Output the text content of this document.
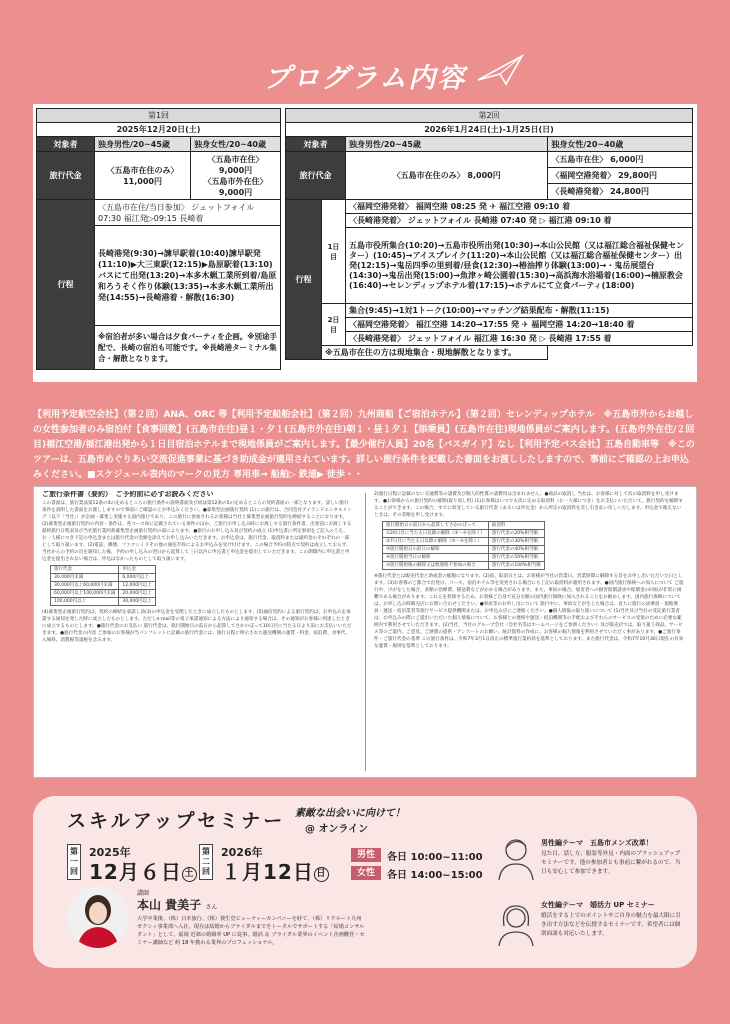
プログラム内容
第1回		
2025年12月20日(土)		
対象者	独身男性/20~45歳	独身女性/20~40歳
旅行代金	〈五島市在住のみ〉 11,000円	〈五島市在住〉 9,000円
〈五島市外在住〉 9,000円

行程	〈五島市在住/当日参加〉 ジェットフォイル 07:30 福江発▷09:15 長崎着	
	長崎港発(9:30)→諫早駅着(10:40)諫早駅発(11:10)▶大三東駅(12:15)▶島原駅着(13:10)バスにて出発(13:20)→本多木蝋工業所到着/島原和ろうそく作り体験(13:35)→本多木蝋工業所出発(14:55)→長崎港着・解散(16:30)	
	※宿泊者が多い場合は夕食パーティを企画。※別途手配で、長崎の宿泊も可能です。※長崎港ターミナル集合・解散となります。	
第2回			
2026年1月24日(土)-1月25日(日)			
対象者		独身男性/20~45歳	独身女性/20~40歳
旅行代金		〈五島市在住のみ〉 8,000円	〈五島市在住〉 6,000円
			〈福岡空港発着〉 29,800円
			〈長崎港発着〉 24,800円
行程	1日目	〈福岡空港発着〉 福岡空港 08:25 発 ✈ 福江空港 09:10 着	
		〈長崎港発着〉 ジェットフォイル 長崎港 07:40 発 ▷ 福江港 09:10 着	
		五島市役所集合(10:20)→五島市役所出発(10:30)→本山公民館（又は福江総合福祉保健センター）(10:45)→アイスブレイク(11:20)→本山公民館（又は福江総合福祉保健センター）出発(12:15)→鬼岳四季の里到着/昼食(12:30)→椿油搾り体験(13:00)→・鬼岳展望台(14:30)→鬼岳出発(15:00)→魚津ヶ崎公園着(15:30)→高浜海水浴場着(16:00)→楠原教会(16:40)→セレンディップホテル着(17:15)→ホテルにて立食パーティ(18:00)	
	2日目	集合(9:45)→1対1トーク(10:00)→マッチング結果配布・解散(11:15)	
		〈福岡空港発着〉 福江空港 14:20→17:55 発 ✈ 福岡空港 14:20→18:40 着	
		〈長崎港発着〉 ジェットフォイル 福江港 16:30 発 ▷ 長崎港 17:55 着	
	※五島市在住の方は現地集合・現地解散となります。		
【利用予定航空会社】（第２回）ANA、ORC 等【利用予定船舶会社】（第２回）九州商船【ご宿泊ホテル】（第２回）セレンディップホテル　※五島市外からお越しの女性参加者のみ宿泊付【食事回数】(五島市在往)昼１・夕１(五島市外在往)朝１・昼１夕１【添乗員】(五島市在往)現地係員がご案内します。(五島市外在住/２回目)福江空港/福江港出発から１日目宿泊ホテルまで現地係員がご案内します。【最少催行人員】20名【バスガイド】なし【利用予定バス会社】五島自動車等　※このツアーは、五島市めぐりあい交流促進事業に基づき助成金が適用されています。詳しい旅行条件を記載した書面をお渡ししたしますので、事前にご確認の上お申込みください。■スケジュール表内のマークの見方 専用車→ 船舶▷ 鉄道▶ 徒歩・・
ご旅行条件書（要約）　ご予約前に必ずお読みください
この書面は、旅行業法第12条の4の定めるところの旅行条件の説明書面及び同法第12条の5の定めるところの契約書面の一部となります。詳しい旅行条件を説明した書面をお渡ししますので事前にご確認の上お申込みください。●募集型企画旅行契約 (1)この旅行は、合同会社アイランドエンタルリング（以下「当社」）が企画・募集し実施する国内旅行であり、この旅行に参加されるお客様は当社と募集型企画旅行契約を締結することになります。(2)募集型企画旅行契約の内容・条件は、各コース毎に記載されている条件のほか、ご旅行お申し込み時にお渡しする旅行条件書、出発前にお渡しする最終旅行日程表及び当社旅行業約款募集型企画旅行契約の部によります。●旅行のお申し込み及び契約の成立 (1)申込書に所定事項をご記入のうえ、お一人様につき下記の申込金または旅行代金の金額を添えてお申し込みいただきます。お申込金は、旅行代金、取消料または違約金のそれぞれの一部として取り扱います。(2)電話、郵便、ファクシミリその他の通信手段によるお申込みを受け付けます。この場合予約の時点で契約は成立しておらず、当社からの予約の旨を通知した後、予約の申し込みの翌日から起算して三日以内に申込書と申込金を提出していただきます。この期間内に申込書と申込金を提出されない場合は、申込はなかったものとして取り扱います。
旅行代金	申込金
30,000円未満	6,000円以上
30,000円以上60,000円未満	12,000円以上
60,000円以上100,000円未満	20,000円以上
100,000円以上	30,000円以上
(4)募集型企画旅行契約は、契約の締結を承諾し前(3)の申込金を受理したときに成立したものとします。(5)通信契約による旅行契約は、お申込みを承諾する通知を発した時に成立したものとします。ただしe-mail等の電子承諾通知による方法により通知する場合は、その通知がお客様に到達したときに成立するものとします。●旅行代金のお支払い 旅行代金は、旅行開始日の前日から起算してさかのぼって10日目に当たる日より前にお支払いいただきます。●旅行代金の内容 ご参加のお客様が当パンフレットに記載の旅行代金には、旅行日程に明示された運送機関の運賃・料金、宿泊費、食事代、入場料、消費税等諸税を含みます。
2)旅行日程に記載のない交通費等の諸費及び個人的性質の諸費用は含まれません。●商品の取消し 当社は、お客様に対して次の取消料を申し受けます。●お客様からの旅行契約の解除(取り消し料) (1)お客様はいつでも次に定める取消料（お一人様につき）をお支払いいただいて、旅行契約を解除することができます。この場合、すでに収受している旅行代金（あるいは申込金）から所定の取消料を差し引き払い戻しいたします。申込金で賄えないときは、その差額を申し受けます。
旅行開始日の前日から起算してさかのぼって	取消料
①20日目に当たる日以降の解除（②～⑤を除く）	旅行代金の20%相当額
②7日目に当たる日以降の解除（③～⑤を除く）	旅行代金の30%相当額
③旅行開始日の前日の解除	旅行代金の40%相当額
④旅行開始当日の解除	旅行代金の50%相当額
⑤旅行開始後の解除又は無連絡不参加の場合	旅行代金の100%相当額
※旅行代金とは販売代金と助成金の総額になります。(2)前、取消日とは、お客様が当社の営業日、営業時間に解除する旨をお申し出いただいた日とします。(3)お客様のご都合で出発日、コース、宿泊ホテル等を変更される場合にも上記の取消料が適用されます。●国内旅行保険への加入について ご旅行中、けがをした場合、多額の治療費、移送費などがかかる場合があります。また、事故の場合、加害者への損害賠償請求や賠償金の回収が非常に困難である場合があります。これらを担保するため、お客様ご自身で充分な額の国内旅行保険に加入されることをお勧めします。国内旅行保険については、お申し込み時販売店にお問い合わせください。●事故等のお申し出について 旅行中に、事故などが生じた場合は、直ちに旅行の添乗員・現地係員・運送・宿泊業者等旅行サービス提供機関または、お申込み店にご連絡ください。●個人情報の取り扱いについて (1)当社及び当社の受託旅行業者は、お申込みの際にご提出いただいた個人情報について、お客様との連絡や運送・宿泊機関等の手配およびそれらのサービスの受領のために必要な範囲内で利用させていただきます。(2)当社、当社のグループ会社（会社名等はホームページをご参照ください）及び販売店では、取り扱う商品、サービス等のご案内、ご意見、ご感想の提供・アンケートのお願い、統計資料の作成に、お客様の個人情報を利用させていただく事があります。●ご旅行条件・ご旅行代金の基準 この旅行条件は、令和7年3月1日改正の標準旅行業約款を基準としております。また旅行代金は、令和7年10月30日現在の有効な運賃・規則を基準としております。
スキルアップセミナー 素敵な出会いに向けて！
@ オンライン
第一回
2025年
12月６日 土
第二回
2026年
１月12日 日
男性	各日 10:00~11:00
女性	各日 14:00~15:00
講師
本山 貴美子 さん
大学卒業後、（株）日本旅行、（株）資生堂ビューティーカンパニーを経て、（株）リクルート九州ゼクシィ事業部へ入社。現在は結婚からブライダルまでをトータルでサポートする「結婚コンサルタント」として、福岡 近郊の婚姻率 UP に従事、婚活 ＆ ブライダル業界のイベント企画概営・セミナー講師など 約 18 年携わる業界のプロフェッショナル。
男性編テーマ　五島市メンズ改革！
見た目、話し方、服装等外見・内面のブラッシュアップセミナーです。他の参加者とも事前に繋がれるので、当日も安心して参加できます。
女性編テーマ　婚活力 UP セミナー
婚活をする上でのポイントやご自身の魅力を最大限に引き出す方法などを伝授するセミナーです。希望者には個別面談も対応いたします。
